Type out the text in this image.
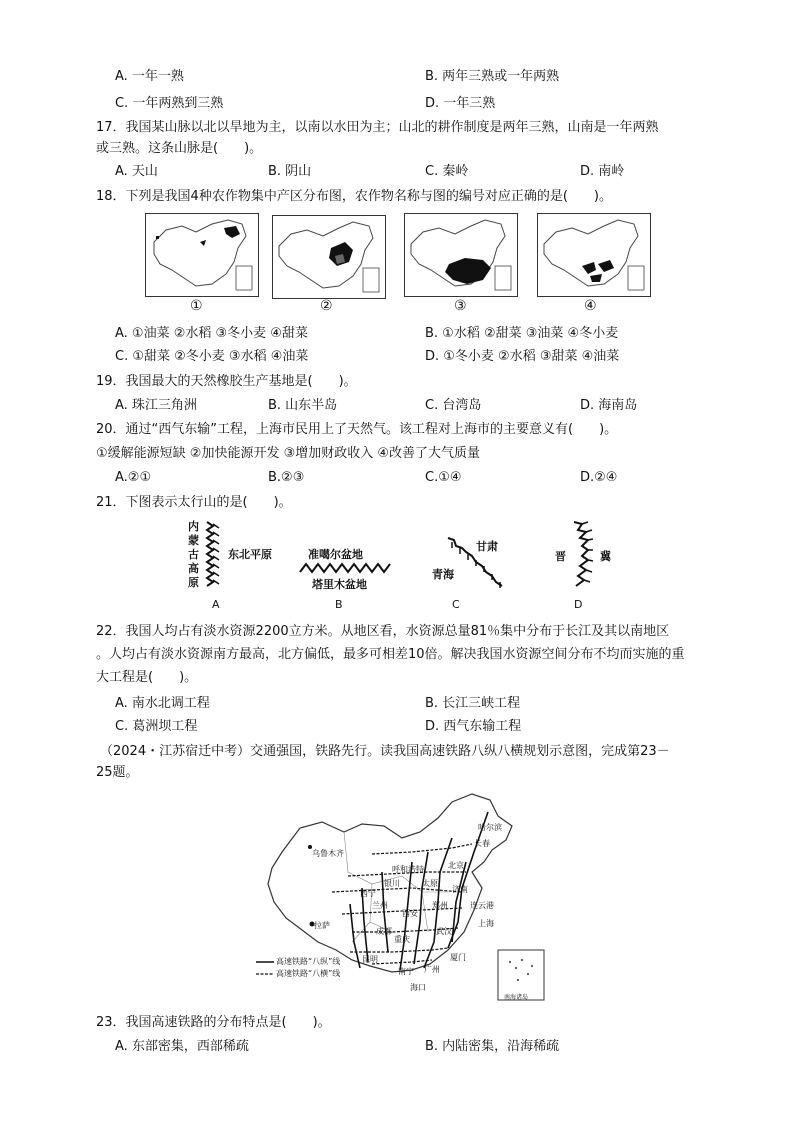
A. 一年一熟	B. 两年三熟或一年两熟
C. 一年两熟到三熟	D. 一年三熟
17．我国某山脉以北以旱地为主，以南以水田为主；山北的耕作制度是两年三熟，山南是一年两熟
或三熟。这条山脉是(　　)。
A. 天山	B. 阴山	C. 秦岭	D. 南岭
18．下列是我国4种农作物集中产区分布图，农作物名称与图的编号对应正确的是(　　)。
①	②	③	④
A. ①油菜 ②水稻 ③冬小麦 ④甜菜	B. ①水稻 ②甜菜 ③油菜 ④冬小麦
C. ①甜菜 ②冬小麦 ③水稻 ④油菜	D. ①冬小麦 ②水稻 ③甜菜 ④油菜
19．我国最大的天然橡胶生产基地是(　　)。
A. 珠江三角洲	B. 山东半岛	C. 台湾岛	D. 海南岛
20．通过“西气东输”工程，上海市民用上了天然气。该工程对上海市的主要意义有(　　)。
①缓解能源短缺 ②加快能源开发 ③增加财政收入 ④改善了大气质量
A.②①	B.②③	C.①④	D.②④
21．下图表示太行山的是(　　)。
内蒙古高原
东北平原
A
准噶尔盆地
塔里木盆地
B
甘肃
青海
C
晋	冀
D
22．我国人均占有淡水资源2200立方米。从地区看，水资源总量81％集中分布于长江及其以南地区
。人均占有淡水资源南方最高，北方偏低，最多可相差10倍。解决我国水资源空间分布不均而实施的重
大工程是(　　)。
A. 南水北调工程	B. 长江三峡工程
C. 葛洲坝工程	D. 西气东输工程
（2024・江苏宿迁中考）交通强国，铁路先行。读我国高速铁路八纵八横规划示意图，完成第23－
25题。
乌鲁木齐
哈尔滨
长春
呼和浩特	北京
银川
西宁
兰州
太原
济南
连云港
郑州
上海
西安
拉萨
成都
重庆
武汉
昆明
南宁 广州
海口
厦门
高速铁路“八纵”线
高速铁路“八横”线
南海诸岛
23．我国高速铁路的分布特点是(　　)。
A. 东部密集，西部稀疏	B. 内陆密集，沿海稀疏
